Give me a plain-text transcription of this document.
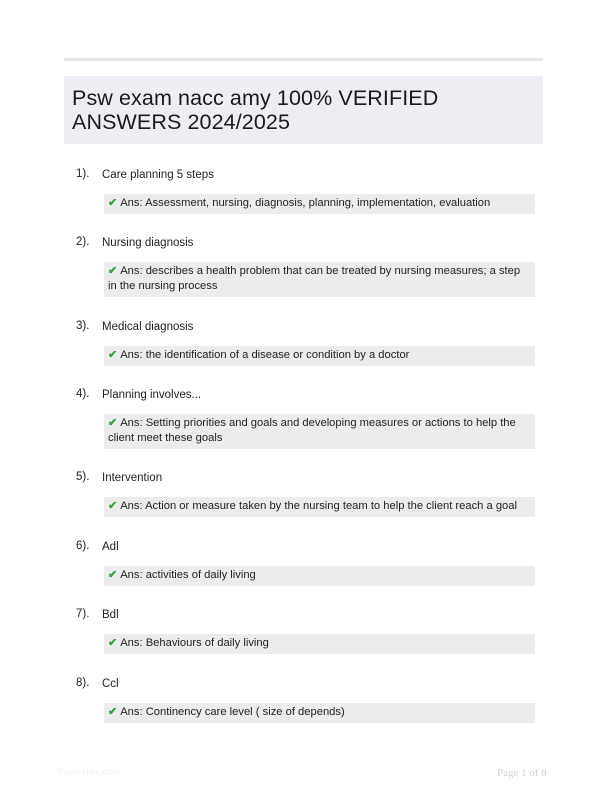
Psw exam nacc amy 100% VERIFIED ANSWERS 2024/2025
1). Care planning 5 steps
✔ Ans: Assessment, nursing, diagnosis, planning, implementation, evaluation
2). Nursing diagnosis
✔ Ans: describes a health problem that can be treated by nursing measures; a step in the nursing process
3). Medical diagnosis
✔ Ans: the identification of a disease or condition by a doctor
4). Planning involves...
✔ Ans: Setting priorities and goals and developing measures or actions to help the client meet these goals
5). Intervention
✔ Ans: Action or measure taken by the nursing team to help the client reach a goal
6). Adl
✔ Ans: activities of daily living
7). Bdl
✔ Ans: Behaviours of daily living
8). Ccl
✔ Ans: Continency care level ( size of depends)
PaperNibs.com	Page 1 of 8
